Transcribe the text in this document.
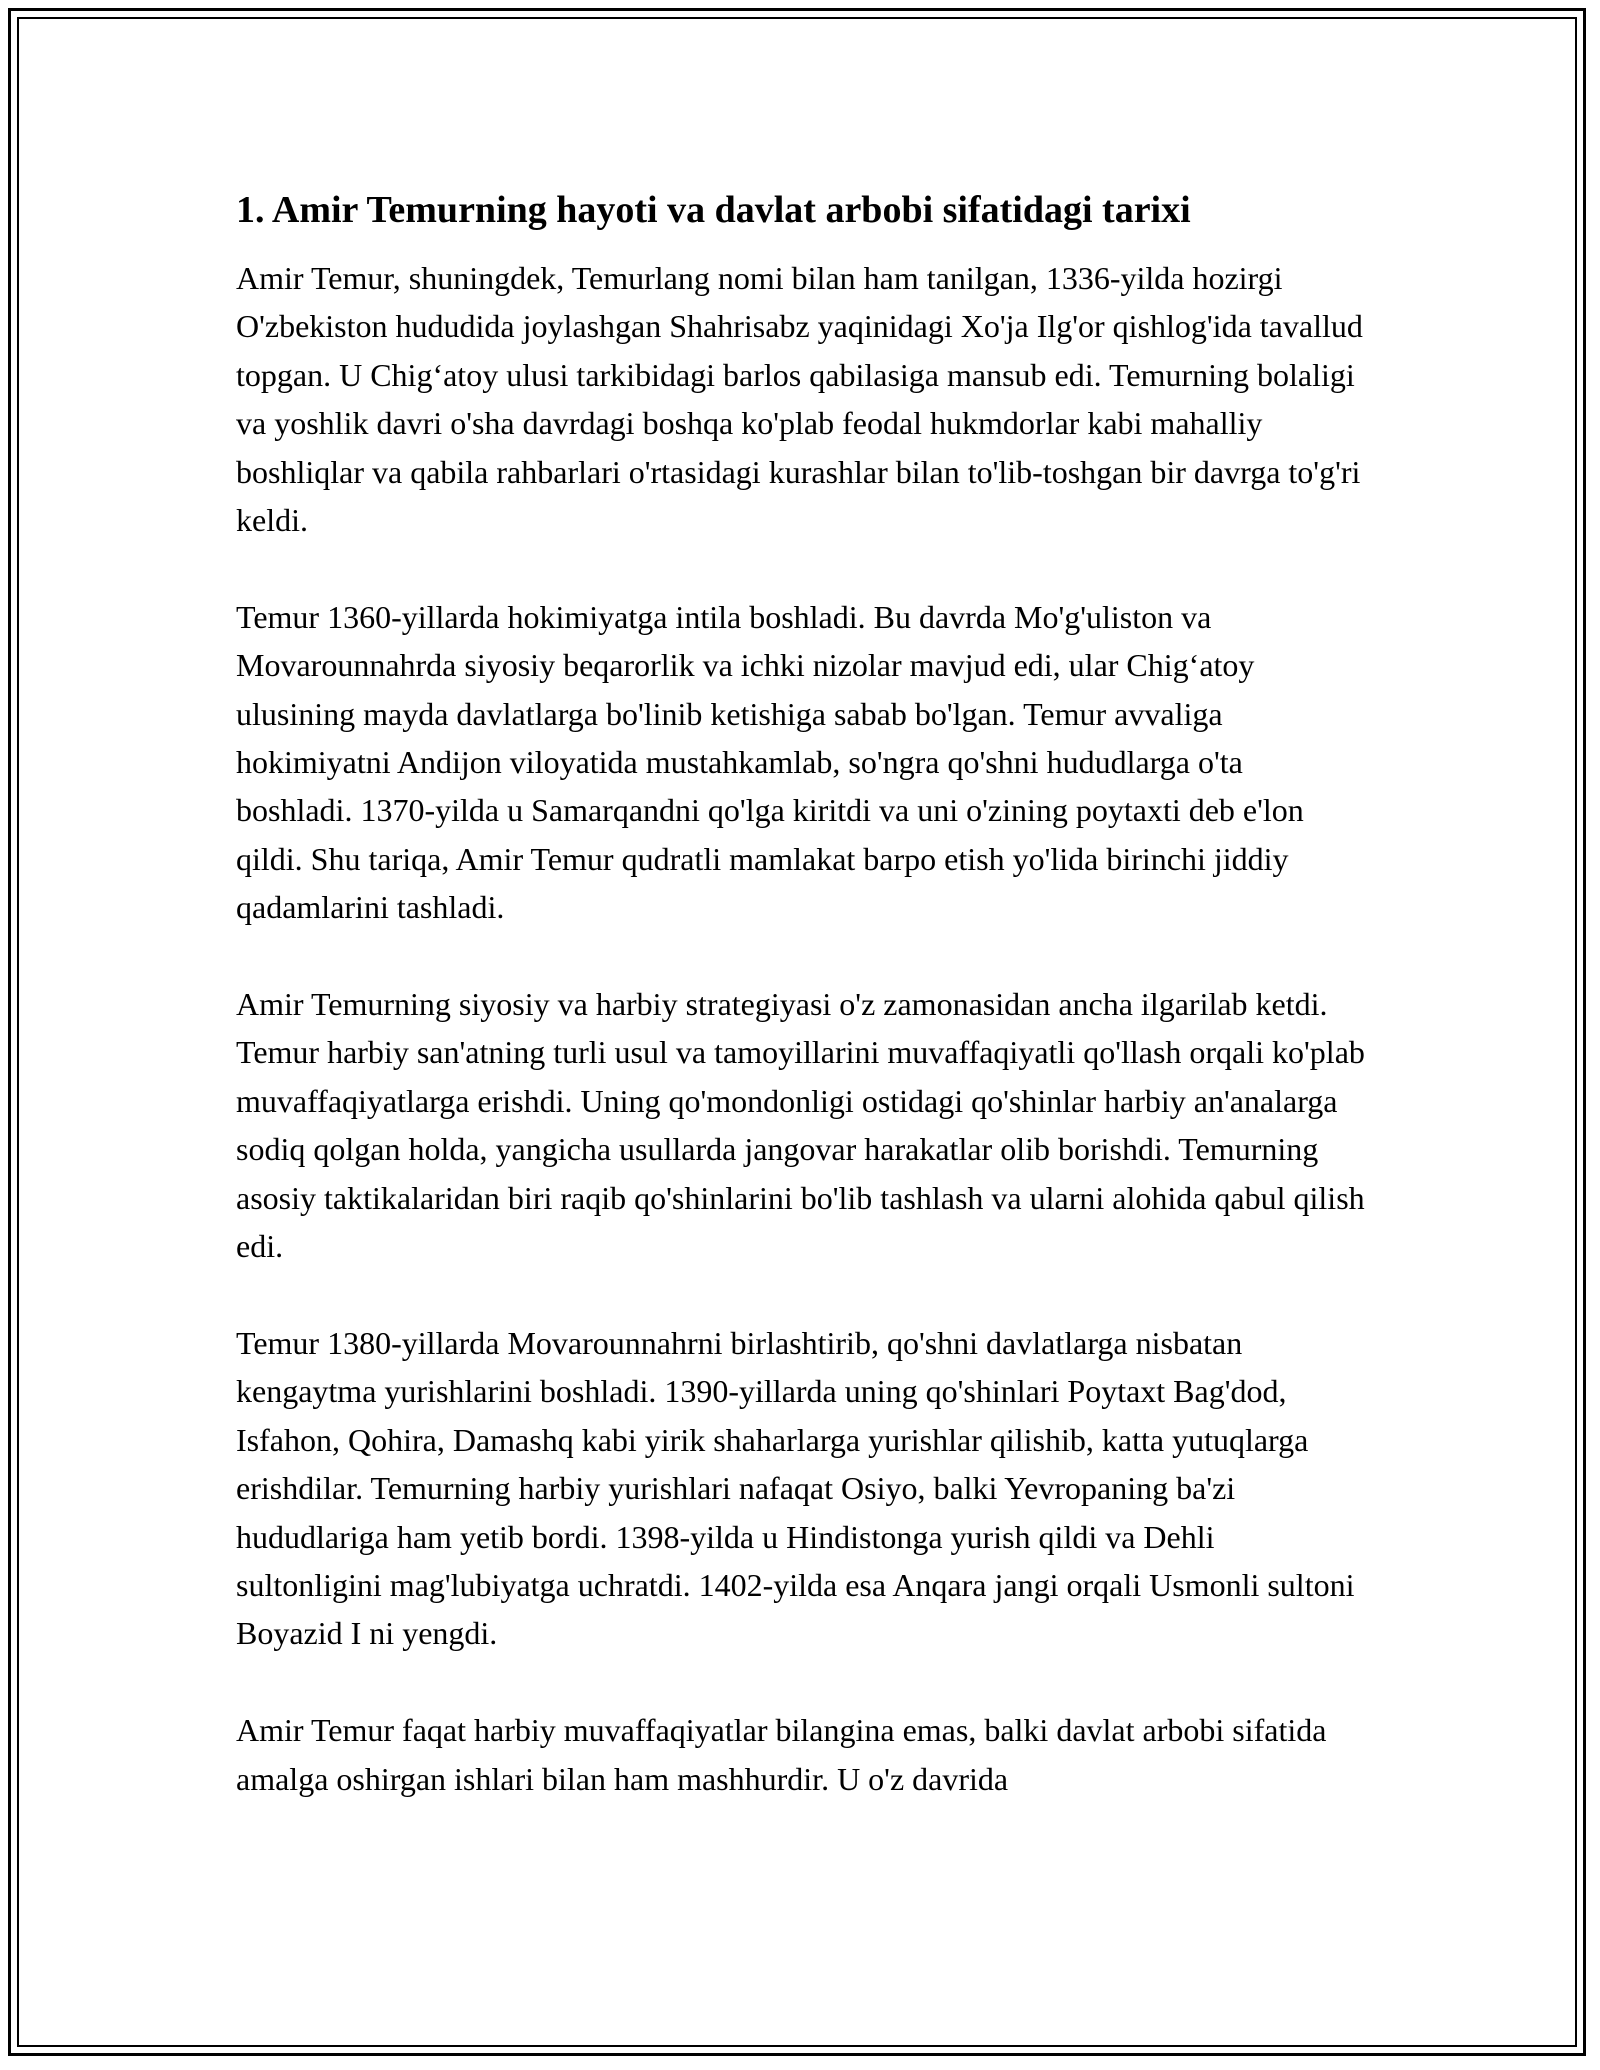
1. Amir Temurning hayoti va davlat arbobi sifatidagi tarixi

Amir Temur, shuningdek, Temurlang nomi bilan ham tanilgan, 1336-yilda hozirgi O'zbekiston hududida joylashgan Shahrisabz yaqinidagi Xo'ja Ilg'or qishlog'ida tavallud topgan. U Chig‘atoy ulusi tarkibidagi barlos qabilasiga mansub edi. Temurning bolaligi va yoshlik davri o'sha davrdagi boshqa ko'plab feodal hukmdorlar kabi mahalliy boshliqlar va qabila rahbarlari o'rtasidagi kurashlar bilan to'lib-toshgan bir davrga to'g'ri keldi.

Temur 1360-yillarda hokimiyatga intila boshladi. Bu davrda Mo'g'uliston va Movarounnahrda siyosiy beqarorlik va ichki nizolar mavjud edi, ular Chig‘atoy ulusining mayda davlatlarga bo'linib ketishiga sabab bo'lgan. Temur avvaliga hokimiyatni Andijon viloyatida mustahkamlab, so'ngra qo'shni hududlarga o'ta boshladi. 1370-yilda u Samarqandni qo'lga kiritdi va uni o'zining poytaxti deb e'lon qildi. Shu tariqa, Amir Temur qudratli mamlakat barpo etish yo'lida birinchi jiddiy qadamlarini tashladi.

Amir Temurning siyosiy va harbiy strategiyasi o'z zamonasidan ancha ilgarilab ketdi. Temur harbiy san'atning turli usul va tamoyillarini muvaffaqiyatli qo'llash orqali ko'plab muvaffaqiyatlarga erishdi. Uning qo'mondonligi ostidagi qo'shinlar harbiy an'analarga sodiq qolgan holda, yangicha usullarda jangovar harakatlar olib borishdi. Temurning asosiy taktikalaridan biri raqib qo'shinlarini bo'lib tashlash va ularni alohida qabul qilish edi.

Temur 1380-yillarda Movarounnahrni birlashtirib, qo'shni davlatlarga nisbatan kengaytma yurishlarini boshladi. 1390-yillarda uning qo'shinlari Poytaxt Bag'dod, Isfahon, Qohira, Damashq kabi yirik shaharlarga yurishlar qilishib, katta yutuqlarga erishdilar. Temurning harbiy yurishlari nafaqat Osiyo, balki Yevropaning ba'zi hududlariga ham yetib bordi. 1398-yilda u Hindistonga yurish qildi va Dehli sultonligini mag'lubiyatga uchratdi. 1402-yilda esa Anqara jangi orqali Usmonli sultoni Boyazid I ni yengdi.

Amir Temur faqat harbiy muvaffaqiyatlar bilangina emas, balki davlat arbobi sifatida amalga oshirgan ishlari bilan ham mashhurdir. U o'z davrida
